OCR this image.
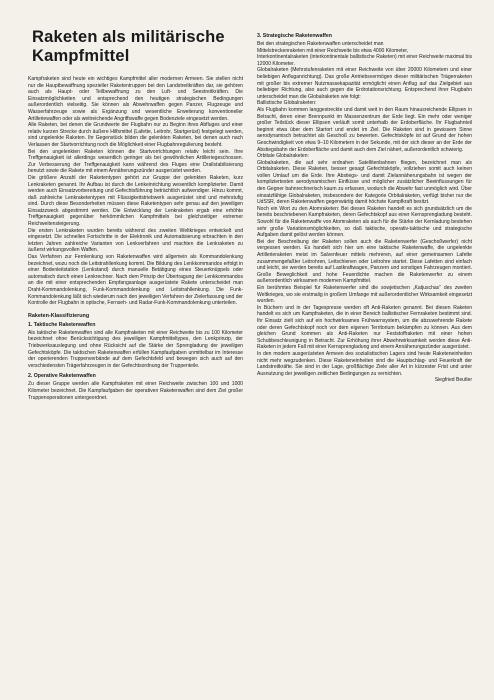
Raketen als militärische Kampfmittel

Kampfraketen sind heute ein wichtiges Kampfmittel aller modernen Armeen. Sie stellen nicht nur die Hauptbewaffnung spezieller Raketentruppen bei den Landstreitkräften dar, sie gehören auch als Haupt- oder Teilbewaffnung zu den Luft- und Seestreitkräften. Die Einsatzmöglichkeiten und entsprechend den heutigen strategischen Bedingungen außerordentlich vielseitig. Sie können als Abwehrwaffen gegen Panzer, Flugzeuge und Wasserfahrzeuge sowie als Ergänzung und wesentliche Erweiterung konventioneller Artilleriewaffen oder als weitreichende Angriffswaffe gegen Bodenziele eingesetzt werden.

Alle Raketen, bei denen die Grundwerte der Flugbahn nur zu Beginn ihres Abfluges und einer relativ kurzen Strecke durch äußere Hilfsmittel (Lafette, Leitrohr, Startgerüst) festgelegt werden, sind ungelenkte Raketen. Ihr Gegenstück bilden die gelenkten Raketen, bei denen auch nach Verlassen der Startvorrichtung noch die Möglichkeit einer Flugbahnregulierung besteht.

Bei den ungelenkten Raketen können die Startvorrichtungen relativ leicht sein. Ihre Treffgenauigkeit ist allerdings wesentlich geringer als bei gewöhnlichen Artilleriegeschossen. Zur Verbesserung der Treffgenauigkeit kann während des Fluges eine Drallstabilisierung benutzt sowie die Rakete mit einem Annäherungszünder ausgerüstet werden.

Die größere Anzahl der Raketentypen gehört zur Gruppe der gelenkten Raketen, kurz Lenkraketen genannt. Ihr Aufbau ist durch die Lenkeinrichtung wesentlich komplizierter. Damit werden auch Einsatzvorbereitung und Gefechtsführung beträchtlich aufwendiger. Hinzu kommt, daß zahlreiche Lenkraketentypen mit Flüssigkeitstriebwerk ausgerüstet sind und mehrstufig sind. Durch diese Besonderheiten müssen diese Raketentypen sehr genau auf den jeweiligen Einsatzzweck abgestimmt werden. Die Entwicklung der Lenkraketen ergab eine erhöhte Treffgenauigkeit gegenüber herkömmlichen Kampfmitteln bei gleichzeitiger extremer Reichweitensteigerung.

Die ersten Lenkraketen wurden bereits während des zweiten Weltkrieges entwickelt und eingesetzt. Die schnellen Fortschritte in der Elektronik und Automatisierung erbrachten in den letzten Jahren zahlreiche Varianten von Lenkverfahren und machten die Lenkraketen zu äußerst wirkungsvollen Waffen.

Das Verfahren zur Fernlenkung von Raketenwaffen wird allgemein als Kommandolenkung bezeichnet, wozu noch die Leitstrahllenkung kommt. Die Bildung des Lenkkommandos erfolgt in einer Bodenleitstation (Lenkstand) durch manuelle Betätigung eines Steuerknüppels oder automatisch durch einen Lenkrechner. Nach dem Prinzip der Übertragung der Lenkkommandos an die mit einer entsprechenden Empfangsanlage ausgerüstete Rakete unterscheidet man Draht-Kommandolenkung, Funk-Kommandolenkung und Leitstrahllenkung. Die Funk-Kommandolenkung läßt sich wiederum nach den jeweiligen Verfahren der Zielerfassung und der Kontrolle der Flugbahn in optische, Fernseh- und Radar-Funk-Kommandolenkung unterteilen.

Raketen-Klassifizierung
1. Taktische Raketenwaffen

Als taktische Raketenwaffen sind alle Kampfraketen mit einer Reichweite bis zu 100 Kilometer bezeichnet ohne Berücksichtigung des jeweiligen Kampfmitteltypes, den Lenkprinzip, der Triebwerksauslegung und ohne Rücksicht auf die Stärke der Sprengladung der jeweiligen Gefechtsköpfe. Die taktischen Raketenwaffen erfüllen Kampfaufgaben unmittelbar im Interesse der operierenden Truppenverbände auf dem Gefechtsfeld und bewegen sich auch auf den verschiedensten Trägerfahrzeugen in der Gefechtsordnung der Truppenteile.

2. Operative Raketenwaffen

Zu dieser Gruppe werden alle Kampfraketen mit einer Reichweite zwischen 100 und 1000 Kilometer bezeichnet. Die Kampfaufgaben der operativen Raketenwaffen sind dem Ziel großer Truppenoperationen untergeordnet.

3. Strategische Raketenwaffen

Bei den strategischen Raketenwaffen unterscheidet man

Mittelstreckenraketen mit einer Reichweite bis etwa 4000 Kilometer,

Interkontinentalraketen (interkontinentale ballistische Raketen) mit einer Reichweite maximal bis 12000 Kilometer.

Globalraketen (Mehrstufenraketen mit einer Reichweite von über 20000 Kilometern und einer beliebigen Anfluganrichtung). Das große Antriebsvermögen dieser militärischen Trägerraketen mit großer bis extremer Nutzmassekapazität ermöglicht einen Anflug auf das Zielgebiet aus beliebiger Richtung, also auch gegen die Erdrotationsrichtung. Entsprechend ihrer Flugbahn unterscheidet man die Globalraketen wie folgt:

Ballistische Globalraketen:

Als Flugbahn kommen langgestreckte und damit weit in den Raum hinausreichende Ellipsen in Betracht, deren einer Brennpunkt im Massenzentrum der Erde liegt. Ein mehr oder weniger großer Teilstück dieser Ellipsen verläuft somit unterhalb der Erdoberfläche. Ihr Flugbahnteil beginnt etwa über dem Startort und endet im Ziel. Die Raketen sind in gewissem Sinne aerodynamisch betrachtet als Geschoß zu bewerten. Gefechtsköpfe ist auf Grund der hohen Geschwindigkeit von etwa 9–10 Kilometern in der Sekunde, mit der sich dieser an der Erde der Abstiegsbahn der Erdoberfläche und damit auch dem Ziel nähert, außerordentlich schwierig.

Orbitale Globalraketen:

Globalraketen, die auf sehr erdnahen Satellitenbahnen fliegen, bezeichnet man als Orbitalraketen. Diese Raketen, besser gesagt Gefechtsköpfe, vollziehen somit auch keinen vollen Umlauf um die Erde. Ihre Abstiegs- und damit Zielannäherungsbahn ist wegen der kompliziertesten aerodynamischen Einflüsse und möglicher zusätzlicher Beeinflussungen für den Gegner bahnrechnerisch kaum zu erfassen, wodurch die Abwehr fast unmöglich wird. Über einsatzfähige Globalraketen, insbesondere der Kategorie Orbitalraketen, verfügt bisher nur die UdSSR, deren Raketenwaffen gegenwärtig damit höchste Kampfkraft besitzt.

Noch ein Wort zu den Atomraketen: Bei diesen Raketen handelt es sich grundsätzlich um die bereits beschriebenen Kampfraketen, deren Gefechtskopf aus einer Kernsprengladung besteht. Sowohl für die Raketenwaffe von Atomraketen als auch für die Stärke der Kernladung bestehen sehr große Variationsmöglichkeiten, so daß taktische, operativ-taktische und strategische Aufgaben damit gelöst werden können.

Bei der Beschreibung der Raketen sollen auch die Raketenwerfer (Geschoßwerfer) nicht vergessen werden. Es handelt sich hier um eine taktische Raketenwaffe, die ungelenkte Artillerieraketen meist im Salvenfeuer mittels mehreren, auf einer gemeinsamen Lafette zusammengefaßter Leitrohren, Leitschienen oder Leitrohre startet. Diese Lafetten sind einfach und leicht, sie werden bereits auf Lastkraftwagen, Panzern und sonstigen Fahrzeugen montiert. Große Beweglichkeit und hohe Feuerdichte machen die Raketenwerfer zu einem außerordentlich wirksamen modernen Kampfmittel.

Ein berühmtes Beispiel für Raketenwerfer sind die sowjetischen „Katjuschas“ des zweiten Weltkrieges, wo sie erstmalig in großem Umfange mit außerordentlicher Wirksamkeit eingesetzt wurden.

In Büchern und in der Tagespresse werden oft Anti-Raketen genannt. Bei diesen Raketen handelt es sich um Kampfraketen, die in einer Bereich ballistischer Fernraketen bestimmt sind. Ihr Einsatz zielt sich auf ein hochwirksames Frühwarnsystem, um die abzuwehrende Rakete oder deren Gefechtskopf noch vor dem eigenen Territorium bekämpfen zu können. Aus dem gleichen Grund kommen als Anti-Raketen nur Feststoffraketen mit einer hohen Schubbeschleunigung in Betracht. Zur Erhöhung ihrer Abwehrwirksamkeit werden diese Anti-Raketen in jedem Fall mit einer Kernsprengladung und einem Annäherungszünder ausgerüstet.

In den modern ausgerüsteten Armeen des sozialistischen Lagers sind heute Raketeneinheiten nicht mehr wegzudenken. Diese Raketeneinheiten sind die Hauptschlag- und Feuerkraft der Landstreitkräfte. Sie sind in der Lage, großflächige Ziele aller Art in kürzester Frist und unter Ausnutzung der jeweiligen zeitlichen Bedingungen zu vernichten.

Siegfried Beutler
